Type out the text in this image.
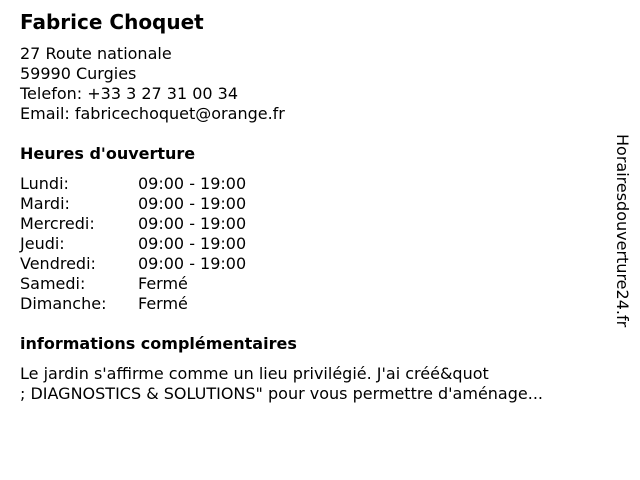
Fabrice Choquet
27 Route nationale
59990 Curgies
Telefon: +33 3 27 31 00 34
Email: fabricechoquet@orange.fr
Heures d'ouverture
Lundi:	09:00 - 19:00
Mardi:	09:00 - 19:00
Mercredi:	09:00 - 19:00
Jeudi:	09:00 - 19:00
Vendredi:	09:00 - 19:00
Samedi:	Fermé
Dimanche:	Fermé
informations complémentaires
Le jardin s'affirme comme un lieu privilégié. J'ai créé&quot
; DIAGNOSTICS & SOLUTIONS" pour vous permettre d'aménage...
Horairesdouverture24.fr
